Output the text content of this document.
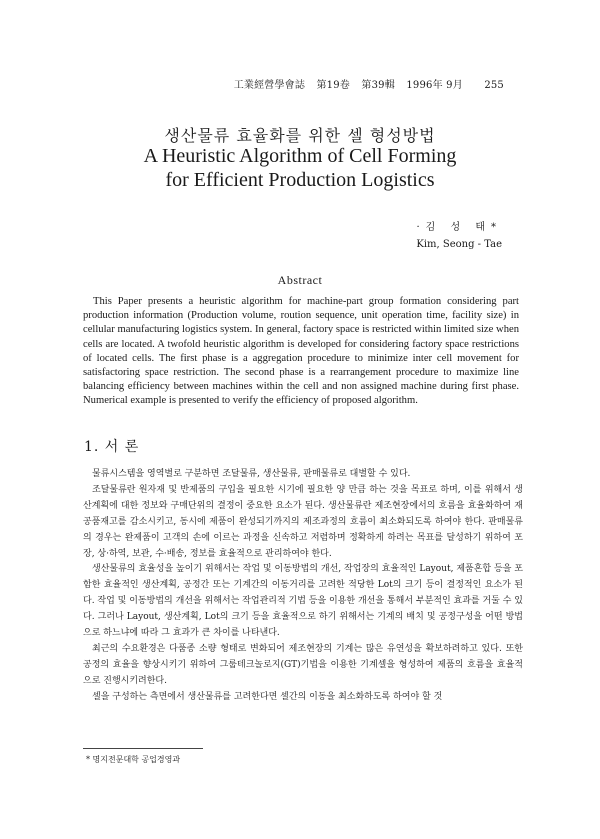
工業經營學會誌 第19卷 第39輯 1996年 9月 255
생산물류 효율화를 위한 셀 형성방법
A Heuristic Algorithm of Cell Forming
for Efficient Production Logistics
·김 성 태*
Kim, Seong - Tae
Abstract
This Paper presents a heuristic algorithm for machine-part group formation considering part production information (Production volume, roution sequence, unit operation time, facility size) in cellular manufacturing logistics system. In general, factory space is restricted within limited size when cells are located. A twofold heuristic algorithm is developed for considering factory space restrictions of located cells. The first phase is a aggregation procedure to minimize inter cell movement for satisfactoring space restriction. The second phase is a rearrangement procedure to maximize line balancing efficiency between machines within the cell and non assigned machine during first phase. Numerical example is presented to verify the efficiency of proposed algorithm.
1. 서 론

물류시스템을 영역별로 구분하면 조달물류, 생산물류, 판매물류로 대별할 수 있다.

조달물류란 원자재 및 반제품의 구입을 필요한 시기에 필요한 양 만큼 하는 것을 목표로 하며, 이를 위해서 생산계획에 대한 정보와 구매단위의 결정이 중요한 요소가 된다. 생산물류란 제조현장에서의 흐름을 효율화하여 재공품재고를 감소시키고, 동시에 제품이 완성되기까지의 제조과정의 흐름이 최소화되도록 하여야 한다. 판매물류의 경우는 완제품이 고객의 손에 이르는 과정을 신속하고 저렴하며 정확하게 하려는 목표를 달성하기 위하여 포장, 상·하역, 보관, 수·배송, 정보를 효율적으로 관리하여야 한다.

생산물류의 효율성을 높이기 위해서는 작업 및 이동방법의 개선, 작업장의 효율적인 Layout, 제품혼합 등을 포함한 효율적인 생산계획, 공정간 또는 기계간의 이동거리를 고려한 적당한 Lot의 크기 등이 결정적인 요소가 된다. 작업 및 이동방법의 개선을 위해서는 작업관리적 기법 등을 이용한 개선을 통해서 부분적인 효과를 거둘 수 있다. 그러나 Layout, 생산계획, Lot의 크기 등을 효율적으로 하기 위해서는 기계의 배치 및 공정구성을 어떤 방법으로 하느냐에 따라 그 효과가 큰 차이를 나타낸다.

최근의 수요환경은 다품종 소량 형태로 변화되어 제조현장의 기계는 많은 유연성을 확보하려하고 있다. 또한 공정의 효율을 향상시키기 위하여 그룹테크놀로지(GT)기법을 이용한 기계셀을 형성하여 제품의 흐름을 효율적으로 진행시키려한다.

셀을 구성하는 측면에서 생산물류를 고려한다면 셀간의 이동을 최소화하도록 하여야 할 것

* 명지전문대학 공업경영과
